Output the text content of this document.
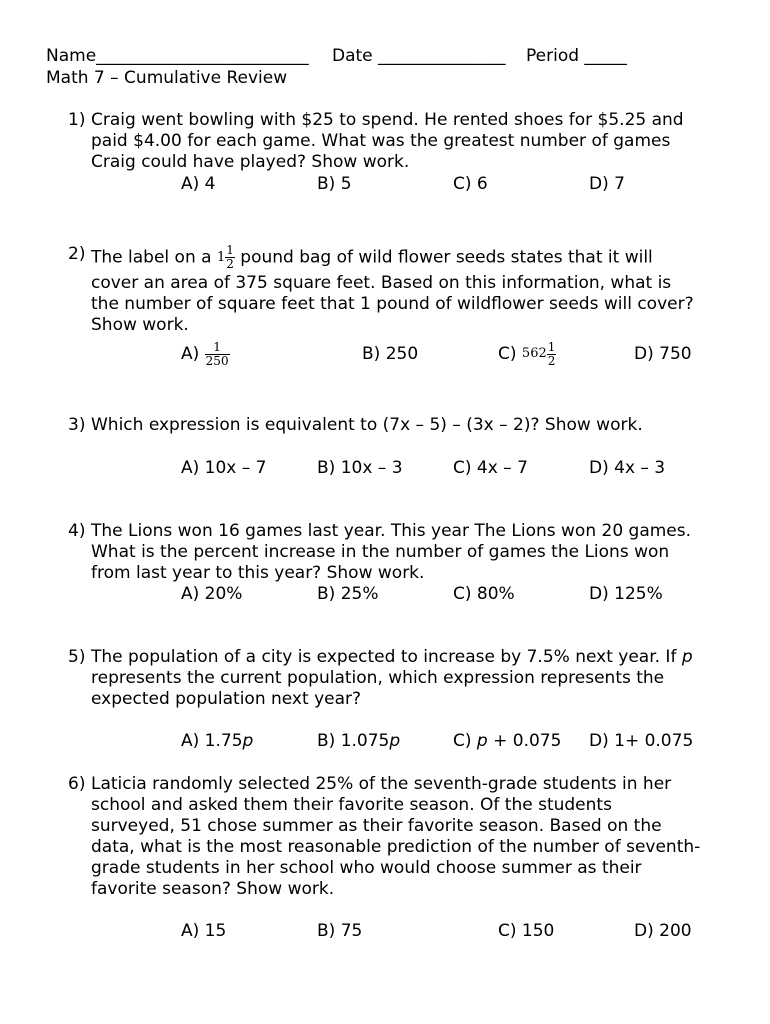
Name_________________________ Date _______________ Period _____
Math 7 – Cumulative Review
1) Craig went bowling with $25 to spend. He rented shoes for $5.25 and
paid $4.00 for each game. What was the greatest number of games
Craig could have played? Show work.
A) 4	B) 5	C) 6	D) 7
2) The label on a $1 \frac{1}{2}$ pound bag of wild flower seeds states that it will
cover an area of 375 square feet. Based on this information, what is
the number of square feet that 1 pound of wildflower seeds will cover?
Show work.
$A) \frac{1}{250}$	B) 250	C) $562 \frac{1}{2}$	D) 750
3) Which expression is equivalent to (7x – 5) – (3x – 2)? Show work.
A) 10x – 7	B) 10x – 3	C) 4x – 7	D) 4x – 3
4) The Lions won 16 games last year. This year The Lions won 20 games.
What is the percent increase in the number of games the Lions won
from last year to this year? Show work.
A) 20%	B) 25%	C) 80%	D) 125%
5) The population of a city is expected to increase by 7.5% next year. If p
represents the current population, which expression represents the
expected population next year?
A) 1.75p	B) 1.075p	C) p + 0.075 D) 1+ 0.075
6) Laticia randomly selected 25% of the seventh-grade students in her
school and asked them their favorite season. Of the students
surveyed, 51 chose summer as their favorite season. Based on the
data, what is the most reasonable prediction of the number of seventh-
grade students in her school who would choose summer as their
favorite season? Show work.
A) 15	B) 75	C) 150	D) 200
